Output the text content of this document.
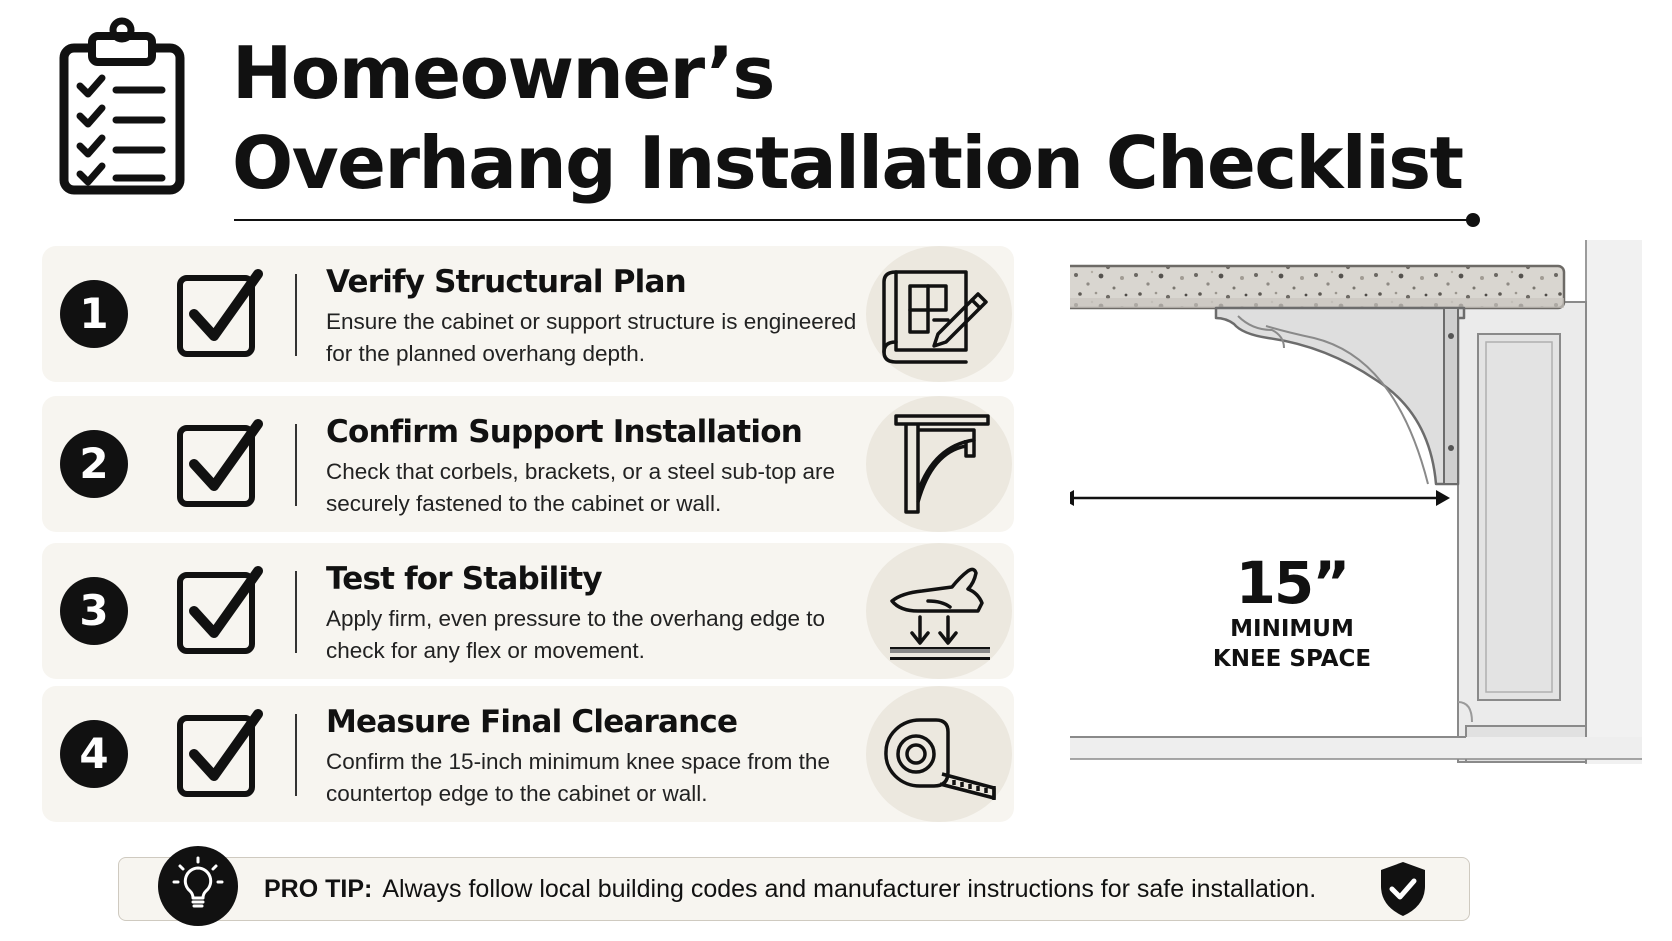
Homeowner’s
Overhang Installation Checklist
1
Verify Structural Plan
Ensure the cabinet or support structure is engineered for the planned overhang depth.
2
Confirm Support Installation
Check that corbels, brackets, or a steel sub-top are securely fastened to the cabinet or wall.
3
Test for Stability
Apply firm, even pressure to the overhang edge to check for any flex or movement.
4
Measure Final Clearance
Confirm the 15-inch minimum knee space from the countertop edge to the cabinet or wall.
15”
MINIMUM
KNEE SPACE
PRO TIP: Always follow local building codes and manufacturer instructions for safe installation.
